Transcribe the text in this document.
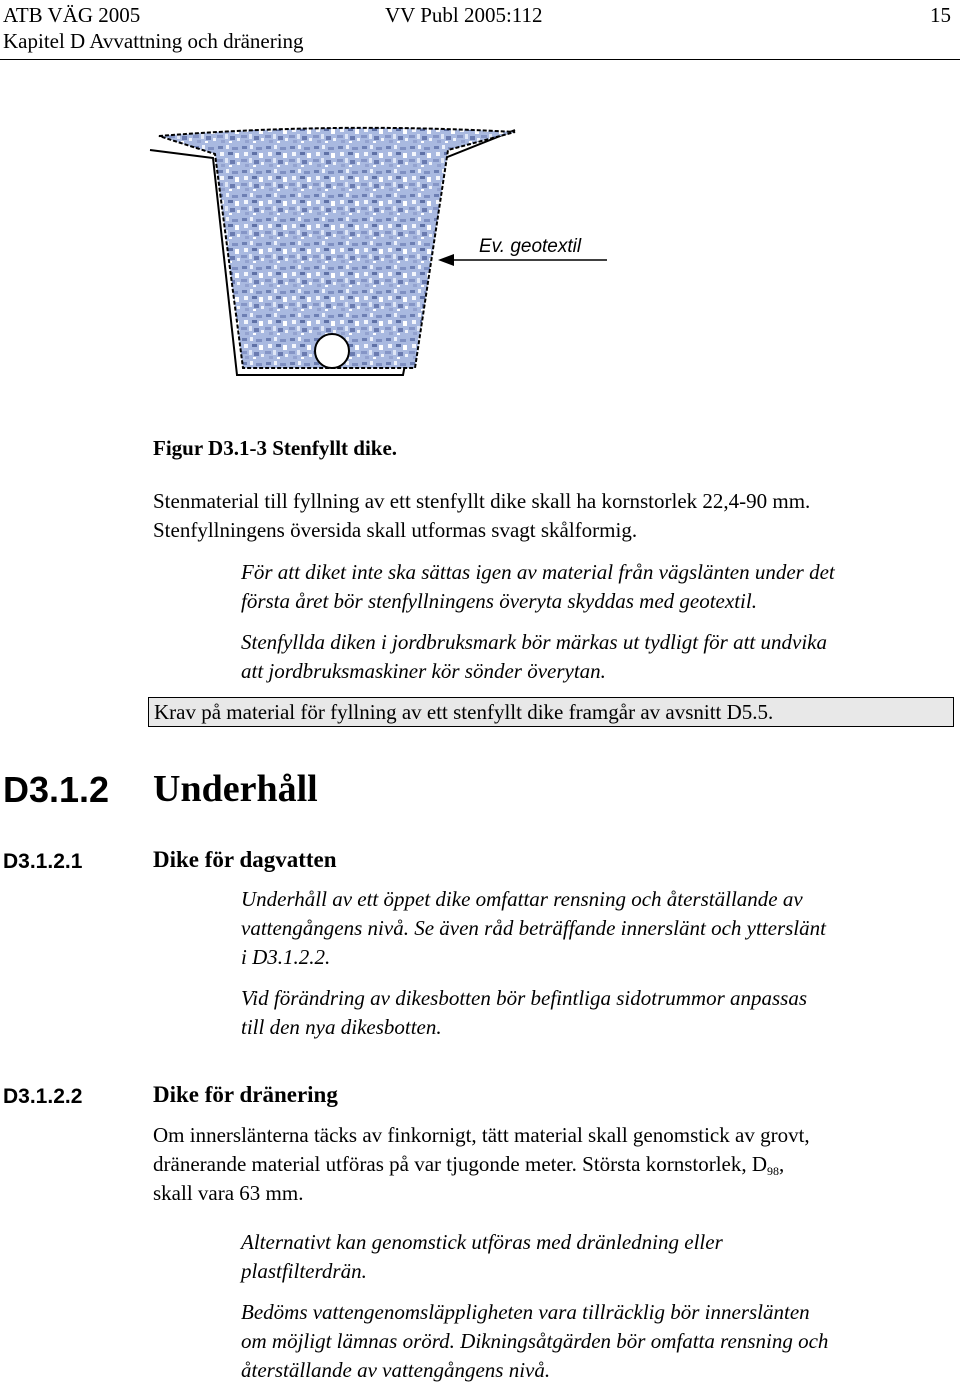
ATB VÄG 2005
Kapitel D Avvattning och dränering
VV Publ 2005:112	15
Ev. geotextil
Figur D3.1-3 Stenfyllt dike.
Stenmaterial till fyllning av ett stenfyllt dike skall ha kornstorlek 22,4-90 mm.
Stenfyllningens översida skall utformas svagt skålformig.
För att diket inte ska sättas igen av material från vägslänten under det
första året bör stenfyllningens överyta skyddas med geotextil.
Stenfyllda diken i jordbruksmark bör märkas ut tydligt för att undvika
att jordbruksmaskiner kör sönder överytan.
Krav på material för fyllning av ett stenfyllt dike framgår av avsnitt D5.5.
D3.1.2 Underhåll
D3.1.2.1	Dike för dagvatten
Underhåll av ett öppet dike omfattar rensning och återställande av
vattengångens nivå. Se även råd beträffande innerslänt och ytterslänt
i D3.1.2.2.
Vid förändring av dikesbotten bör befintliga sidotrummor anpassas
till den nya dikesbotten.
D3.1.2.2	Dike för dränering
Om innerslänterna täcks av finkornigt, tätt material skall genomstick av grovt,
dränerande material utföras på var tjugonde meter. Största kornstorlek, $D_{98}$,
skall vara 63 mm.
Alternativt kan genomstick utföras med dränledning eller
plastfilterdrän.
Bedöms vattengenomsläppligheten vara tillräcklig bör innerslänten
om möjligt lämnas orörd. Dikningsåtgärden bör omfatta rensning och
återställande av vattengångens nivå.
